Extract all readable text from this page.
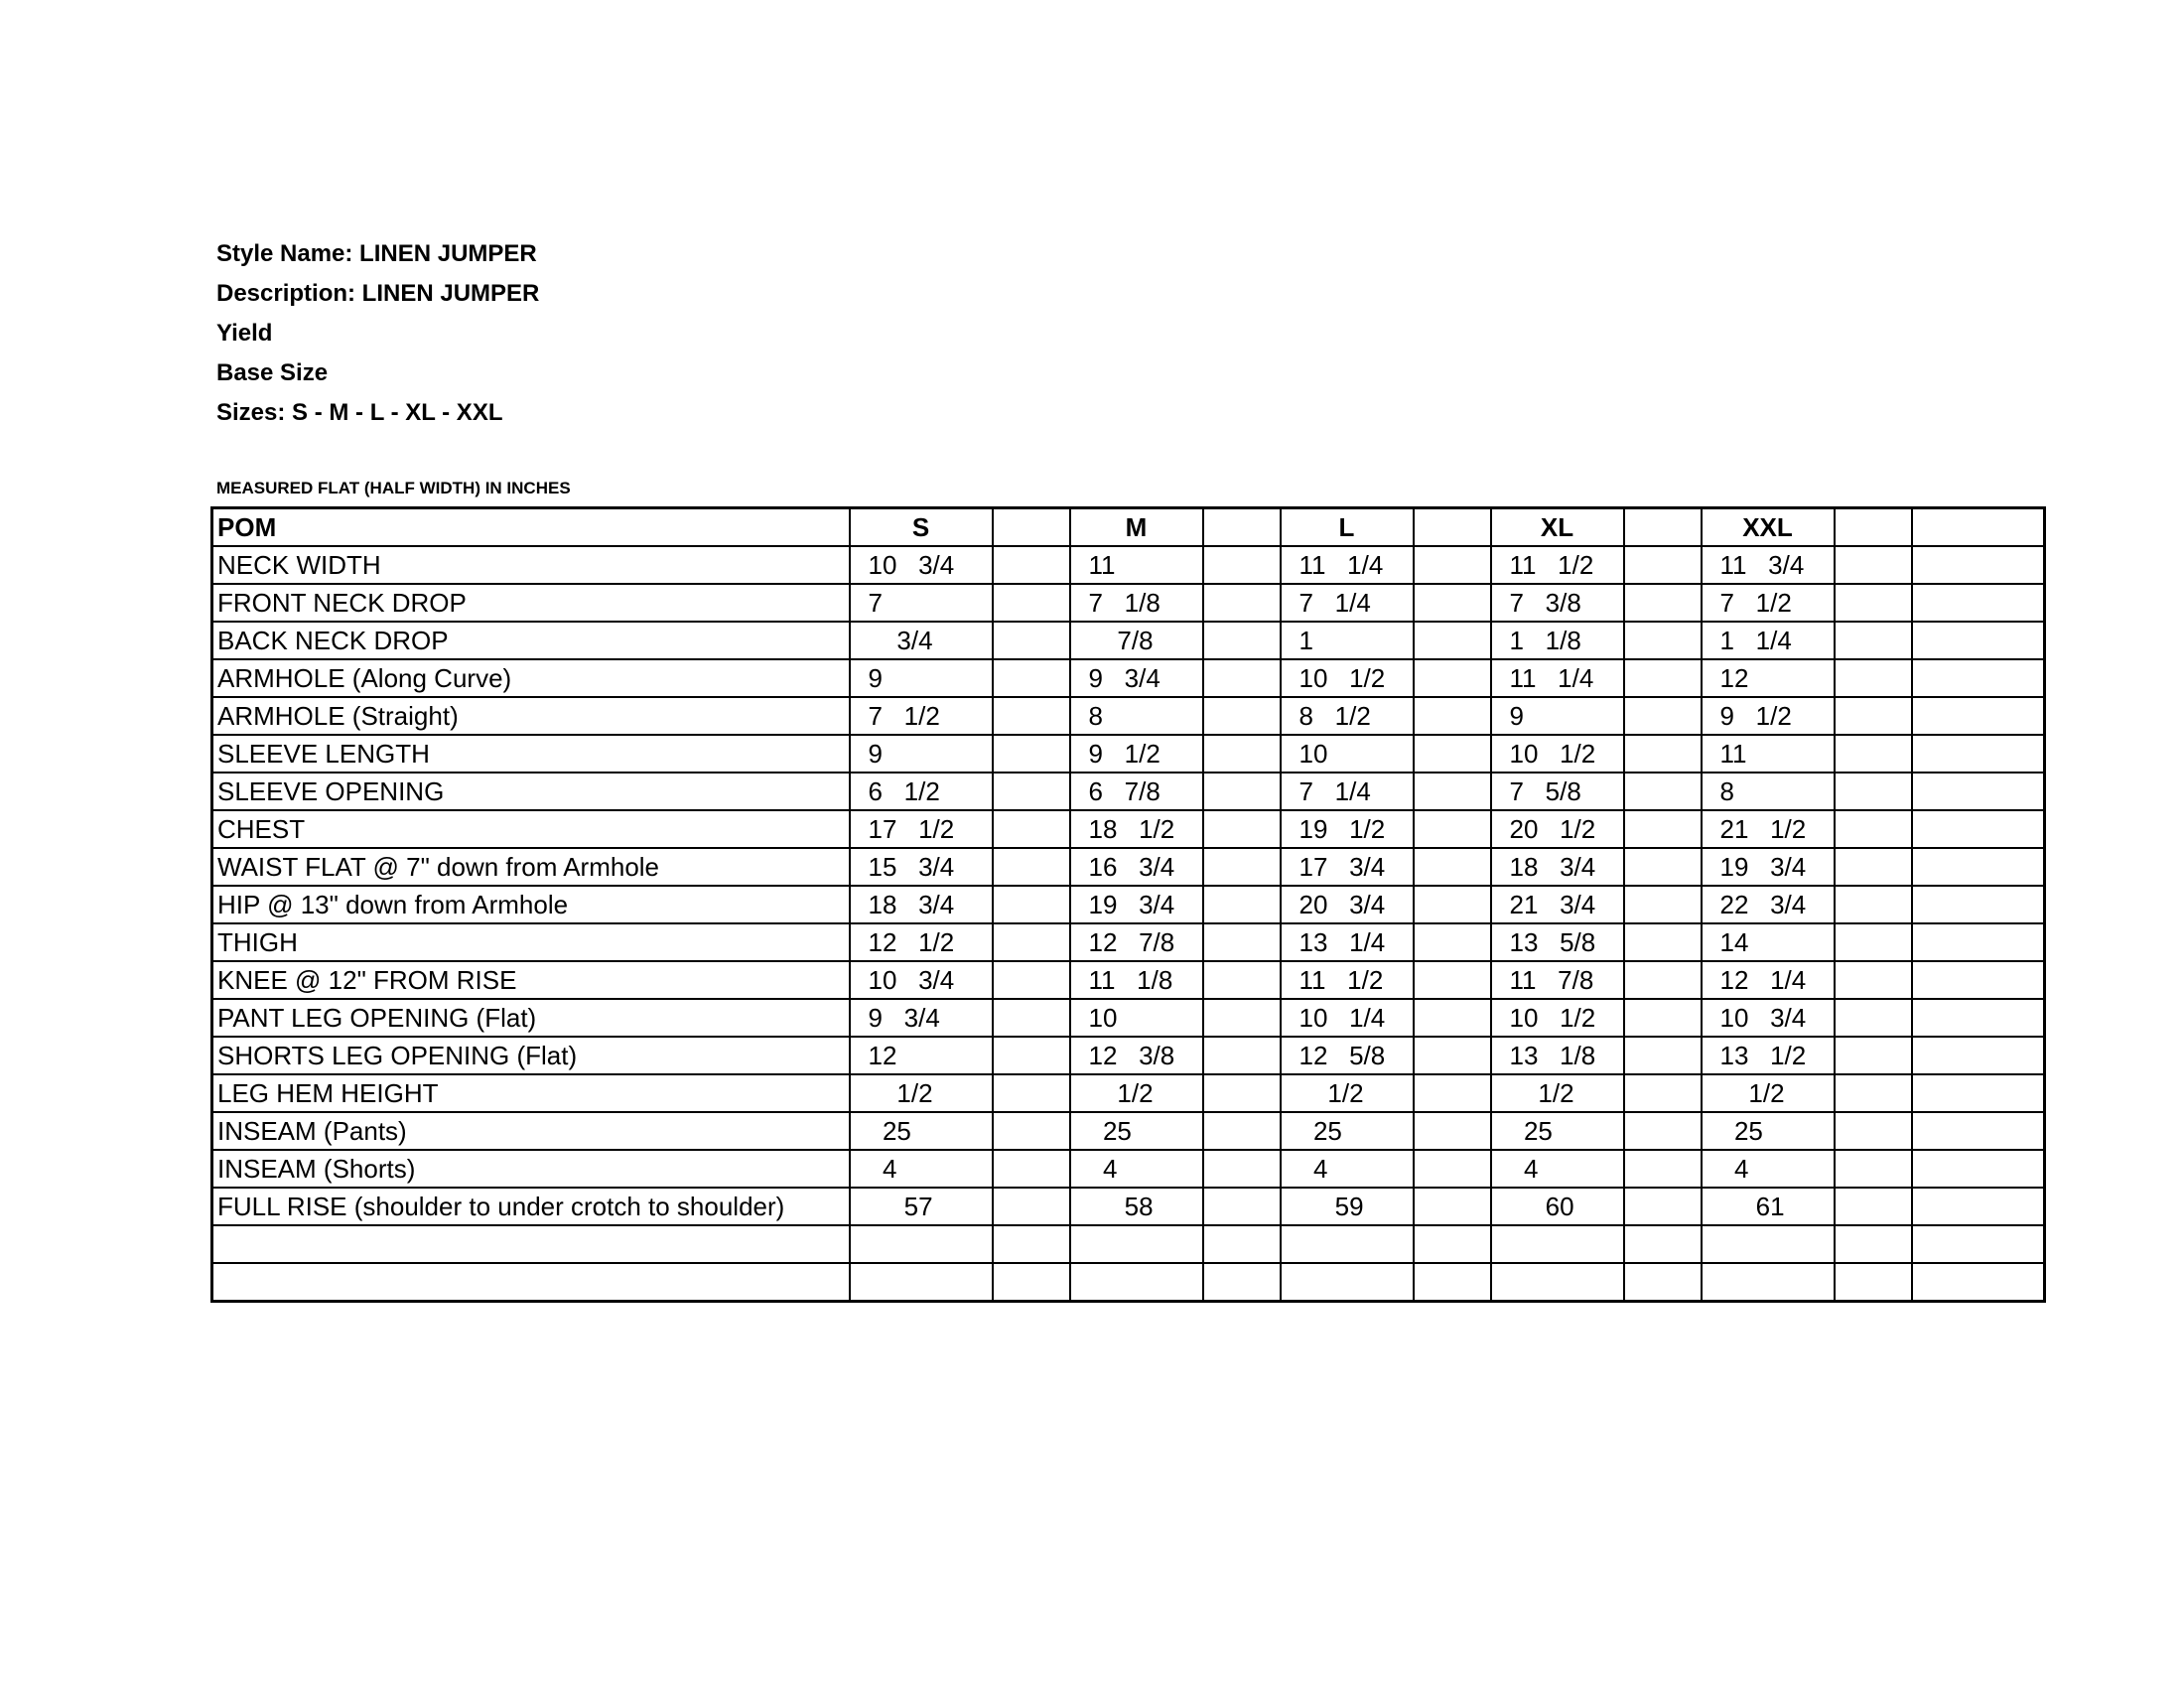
Style Name: LINEN JUMPER
Description: LINEN JUMPER
Yield
Base Size
Sizes: S - M - L - XL - XXL
MEASURED FLAT (HALF WIDTH) IN INCHES
POM	S		M		L		XL		XXL		
NECK WIDTH	10   3/4		11		11   1/4		11   1/2		11   3/4		
FRONT NECK DROP	7		7   1/8		7   1/4		7   3/8		7   1/2		
BACK NECK DROP	3/4		7/8		1		1   1/8		1   1/4		
ARMHOLE (Along Curve)	9		9   3/4		10   1/2		11   1/4		12		
ARMHOLE (Straight)	7   1/2		8		8   1/2		9		9   1/2		
SLEEVE LENGTH	9		9   1/2		10		10   1/2		11		
SLEEVE OPENING	6   1/2		6   7/8		7   1/4		7   5/8		8		
CHEST	17   1/2		18   1/2		19   1/2		20   1/2		21   1/2		
WAIST FLAT @ 7" down from Armhole	15   3/4		16   3/4		17   3/4		18   3/4		19   3/4		
HIP @ 13" down from Armhole	18   3/4		19   3/4		20   3/4		21   3/4		22   3/4		
THIGH	12   1/2		12   7/8		13   1/4		13   5/8		14		
KNEE @ 12" FROM RISE	10   3/4		11   1/8		11   1/2		11   7/8		12   1/4		
PANT LEG OPENING (Flat)	9   3/4		10		10   1/4		10   1/2		10   3/4		
SHORTS LEG OPENING (Flat)	12		12   3/8		12   5/8		13   1/8		13   1/2		
LEG HEM HEIGHT	1/2		1/2		1/2		1/2		1/2		
INSEAM (Pants)	25		25		25		25		25		
INSEAM (Shorts)	4		4		4		4		4		
FULL RISE (shoulder to under crotch to shoulder)	57		58		59		60		61		
